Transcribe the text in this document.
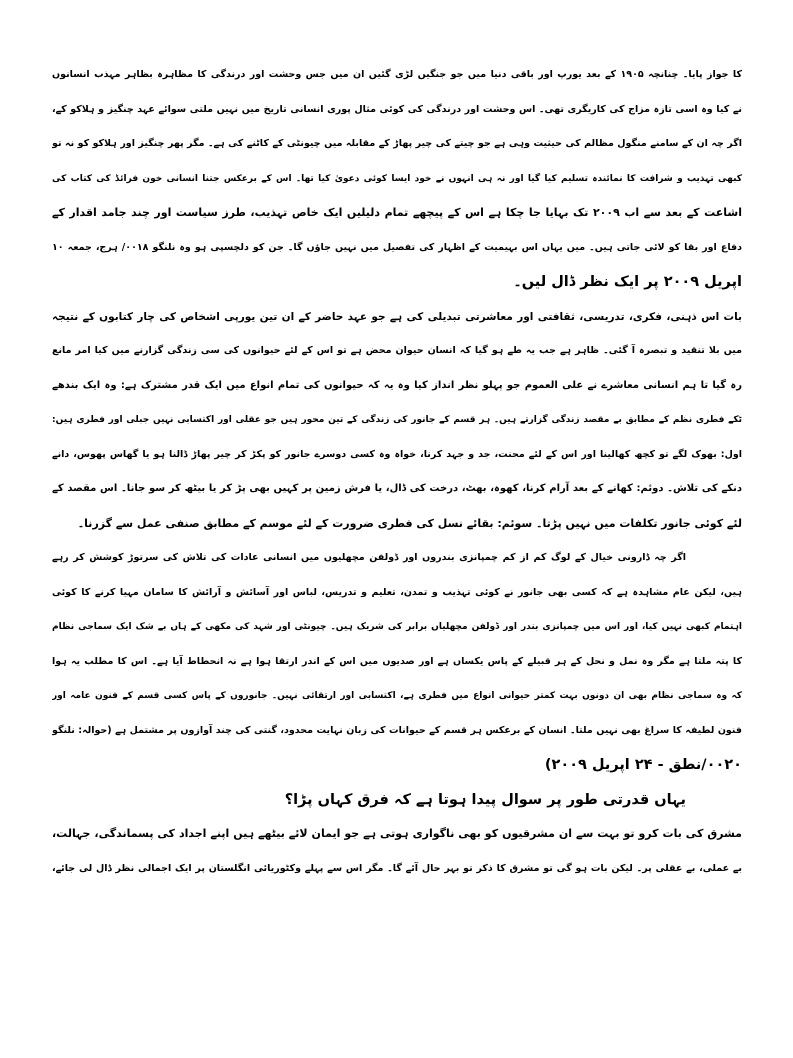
کا جواز پایا۔ چنانچہ ۱۹۰۵ کے بعد یورپ اور باقی دنیا میں جو جنگیں لڑی گئیں ان میں جس وحشت اور درندگی کا مظاہرہ بظاہر مہذب انسانوں
نے کیا وہ اسی تازہ مزاج کی کاریگری تھی۔ اس وحشت اور درندگی کی کوئی مثال پوری انسانی تاریخ میں نہیں ملتی سوائے عہد چنگیز و ہلاکو کے،
اگر چہ ان کے سامنے منگول مظالم کی حیثیت وہی ہے جو چیتے کی چیر پھاڑ کے مقابلہ میں چیونٹی کے کاٹنے کی ہے۔ مگر پھر چنگیز اور ہلاکو کو نہ تو
کبھی تہذیب و شرافت کا نمائندہ تسلیم کیا گیا اور نہ ہی انہوں نے خود ایسا کوئی دعویٰ کیا تھا۔ اس کے برعکس جتنا انسانی خون فرائڈ کی کتاب کی
اشاعت کے بعد سے اب ۲۰۰۹ تک بہایا جا چکا ہے اس کے پیچھے تمام دلیلیں ایک خاص تہذیب، طرز سیاست اور چند جامد اقدار کے
دفاع اور بقا کو لائی جاتی ہیں۔ میں یہاں اس بہیمیت کے اظہار کی تفصیل میں نہیں جاؤں گا۔ جن کو دلچسپی ہو وہ نلنگو ۰۰۱۸/ ہرج، جمعہ ۱۰
اپریل ۲۰۰۹ پر ایک نظر ڈال لیں۔
بات اس ذہنی، فکری، تدریسی، ثقافتی اور معاشرتی تبدیلی کی ہے جو عہد حاضر کے ان تین یورپی اشخاص کی چار کتابوں کے نتیجہ
میں بلا تنقید و تبصرہ آ گئی۔ ظاہر ہے جب یہ طے ہو گیا کہ انسان حیوان محض ہے تو اس کے لئے حیوانوں کی سی زندگی گزارنے میں کیا امر مانع
رہ گیا تا ہم انسانی معاشرے نے علی العموم جو پہلو نظر انداز کیا وہ یہ کہ حیوانوں کی تمام انواع میں ایک قدر مشترک ہے: وہ ایک بندھے
ٹکے فطری نظم کے مطابق بے مقصد زندگی گزارتے ہیں۔ ہر قسم کے جانور کی زندگی کے تین محور ہیں جو عقلی اور اکتسابی نہیں جبلی اور فطری ہیں:
اول: بھوک لگے تو کچھ کھالینا اور اس کے لئے محنت، جد و جہد کرنا، خواہ وہ کسی دوسرے جانور کو پکڑ کر چیر پھاڑ ڈالنا ہو یا گھاس پھوس، دانے
دنکے کی تلاش۔ دوئم: کھانے کے بعد آرام کرنا، کھوہ، بھٹ، درخت کی ڈال، یا فرش زمین پر کہیں بھی پڑ کر یا بیٹھ کر سو جانا۔ اس مقصد کے
لئے کوئی جانور تکلفات میں نہیں پڑتا۔ سوئم: بقائے نسل کی فطری ضرورت کے لئے موسم کے مطابق صنفی عمل سے گزرنا۔
اگر چہ ڈارونی خیال کے لوگ کم از کم چمپانزی بندروں اور ڈولفن مچھلیوں میں انسانی عادات کی تلاش کی سرتوڑ کوشش کر رہے
ہیں، لیکن عام مشاہدہ ہے کہ کسی بھی جانور نے کوئی تہذیب و تمدن، تعلیم و تدریس، لباس اور آسائش و آرائش کا سامان مہیا کرنے کا کوئی
اہتمام کبھی نہیں کیا، اور اس میں چمپانزی بندر اور ڈولفن مچھلیاں برابر کی شریک ہیں۔ چیونٹی اور شہد کی مکھی کے ہاں بے شک ایک سماجی نظام
کا پتہ ملتا ہے مگر وہ نمل و نحل کے ہر قبیلے کے پاس یکساں ہے اور صدیوں میں اس کے اندر ارتقا ہوا ہے نہ انحطاط آیا ہے۔ اس کا مطلب یہ ہوا
کہ وہ سماجی نظام بھی ان دونوں بہت کمتر حیوانی انواع میں فطری ہے، اکتسابی اور ارتقائی نہیں۔ جانوروں کے پاس کسی قسم کے فنون عامہ اور
فنون لطیفہ کا سراغ بھی نہیں ملتا۔ انسان کے برعکس ہر قسم کے حیوانات کی زبان نہایت محدود، گنتی کی چند آوازوں پر مشتمل ہے (حوالہ: نلنگو
۰۰۲۰/نطق - ۲۴ اپریل ۲۰۰۹)
یہاں قدرتی طور پر سوال پیدا ہوتا ہے کہ فرق کہاں پڑا؟
مشرق کی بات کرو تو بہت سے ان مشرقیوں کو بھی ناگواری ہوتی ہے جو ایمان لائے بیٹھے ہیں اپنے اجداد کی پسماندگی، جہالت،
بے عملی، بے عقلی پر۔ لیکن بات ہو گی تو مشرق کا ذکر تو بہر حال آئے گا۔ مگر اس سے پہلے وکٹوریائی انگلستان پر ایک اجمالی نظر ڈال لی جائے،
